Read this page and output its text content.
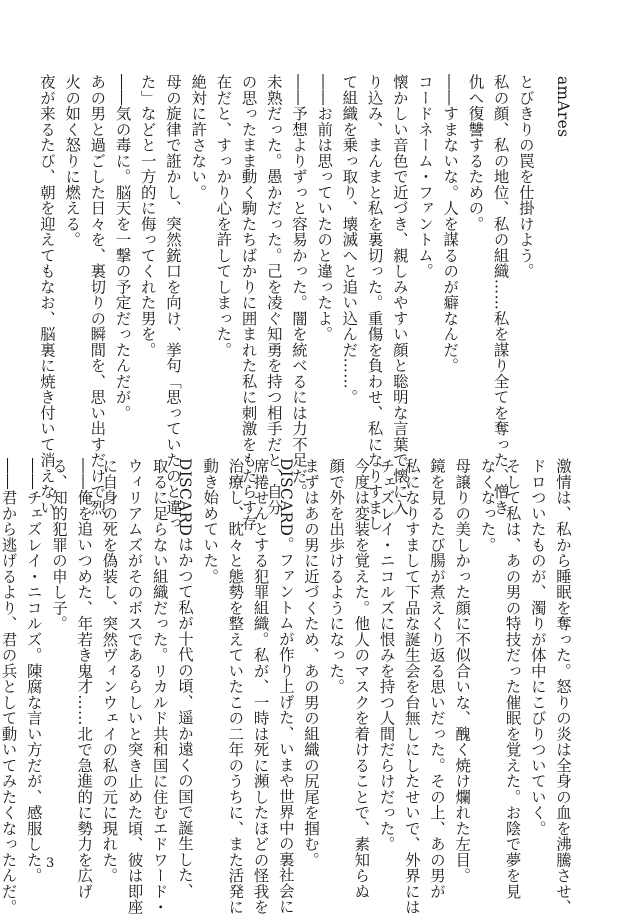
amAres
とびきりの罠を仕掛けよう。
私の顔、私の地位、私の組織……私を謀り全てを奪った、憎き
仇へ復讐するための。
――すまないな。人を謀るのが癖なんだ。
コードネーム・ファントム。
懐かしい音色で近づき、親しみやすい顔と聡明な言葉で懐に入
り込み、まんまと私を裏切った。重傷を負わせ、私になりすまし
て組織を乗っ取り、壊滅へと追い込んだ……。
――お前は思っていたのと違ったよ。
――予想よりずっと容易かった。闇を統べるには力不足だ。
未熟だった。愚かだった。己を凌ぐ知勇を持つ相手だと、自分
の思ったまま動く駒たちばかりに囲まれた私に刺激をもたらす存
在だと、すっかり心を許してしまった。
絶対に許さない。
母の旋律で誑かし、突然銃口を向け、挙句「思っていたのと違っ
た」などと一方的に侮ってくれた男を。
――気の毒に。脳天を一撃の予定だったんだが。
あの男と過ごした日々を、裏切りの瞬間を、思い出すだけで烈
火の如く怒りに燃える。
夜が来るたび、朝を迎えてもなお、脳裏に焼き付いて消えない
激情は、私から睡眠を奪った。怒りの炎は全身の血を沸騰させ、
ドロついたものが、濁りが体中にこびりついていく。
そして私は、あの男の特技だった催眠を覚えた。お陰で夢を見
なくなった。
母譲りの美しかった顔に不似合いな、醜く焼け爛れた左目。
鏡を見るたび腸が煮えくり返る思いだった。その上、あの男が
私になりすまして下品な誕生会を台無しにしたせいで、外界には
チェズレイ・ニコルズに恨みを持つ人間だらけだった。
今度は変装を覚えた。他人のマスクを着けることで、素知らぬ
顔で外を出歩けるようになった。
まずはあの男に近づくため、あの男の組織の尻尾を掴む。
DISCARD。ファントムが作り上げた、いまや世界中の裏社会に
席捲せんとする犯罪組織。私が、一時は死に瀕したほどの怪我を
治療し、眈々と態勢を整えていたこの二年のうちに、また活発に
動き始めていた。
DISCARDはかつて私が十代の頃、遥か遠くの国で誕生した、
取るに足らない組織だった。リカルド共和国に住むエドワード・
ウィリアムズがそのボスであるらしいと突き止めた頃、彼は即座
に自身の死を偽装し、突然ヴィンウェイの私の元に現れた。
――俺を追いつめた、年若き鬼才……北で急進的に勢力を広げ
る、知的犯罪の申し子。
――チェズレイ・ニコルズ。陳腐な言い方だが、感服した。
――君から逃げるより、君の兵として動いてみたくなったんだ。 3
